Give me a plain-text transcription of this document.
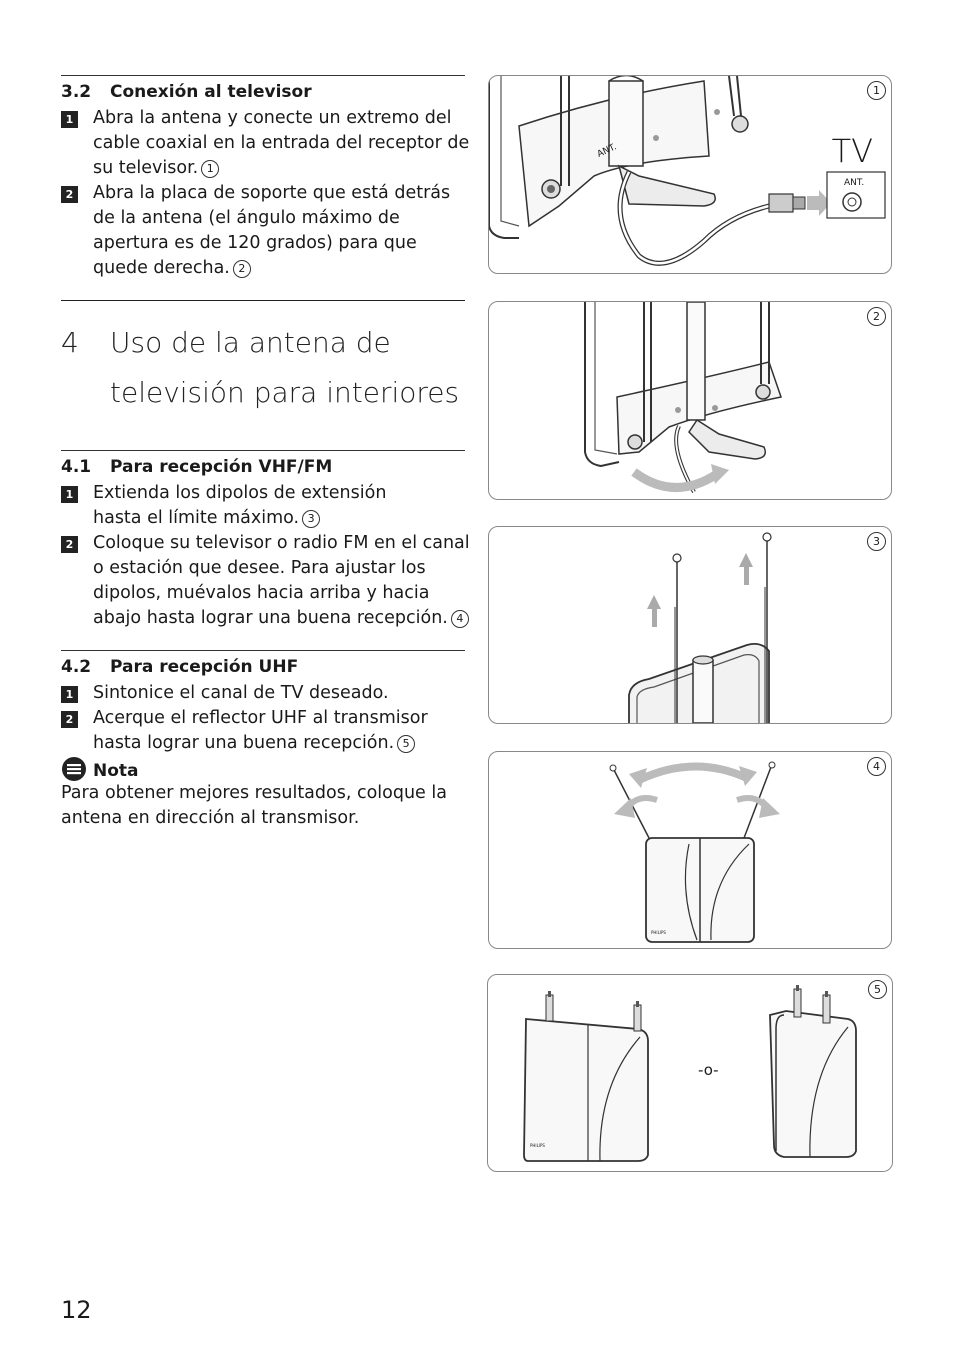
3.2 Conexión al televisor
1 Abra la antena y conecte un extremo del cable coaxial en la entrada del receptor de su televisor. 1
2 Abra la placa de soporte que está detrás de la antena (el ángulo máximo de apertura es de 120 grados) para que quede derecha. 2
4 Uso de la antena de televisión para interiores
4.1 Para recepción VHF/FM
1 Extienda los dipolos de extensión hasta el límite máximo. 3
2 Coloque su televisor o radio FM en el canal o estación que desee. Para ajustar los dipolos, muévalos hacia arriba y hacia abajo hasta lograr una buena recepción. 4
4.2 Para recepción UHF
1 Sintonice el canal de TV deseado.
2 Acerque el reflector UHF al transmisor hasta lograr una buena recepción. 5
Nota
Para obtener mejores resultados, coloque la antena en dirección al transmisor.
ANT.
ANT.
TV
1
2
3
PHILIPS
4
-o-
PHILIPS
5
12
